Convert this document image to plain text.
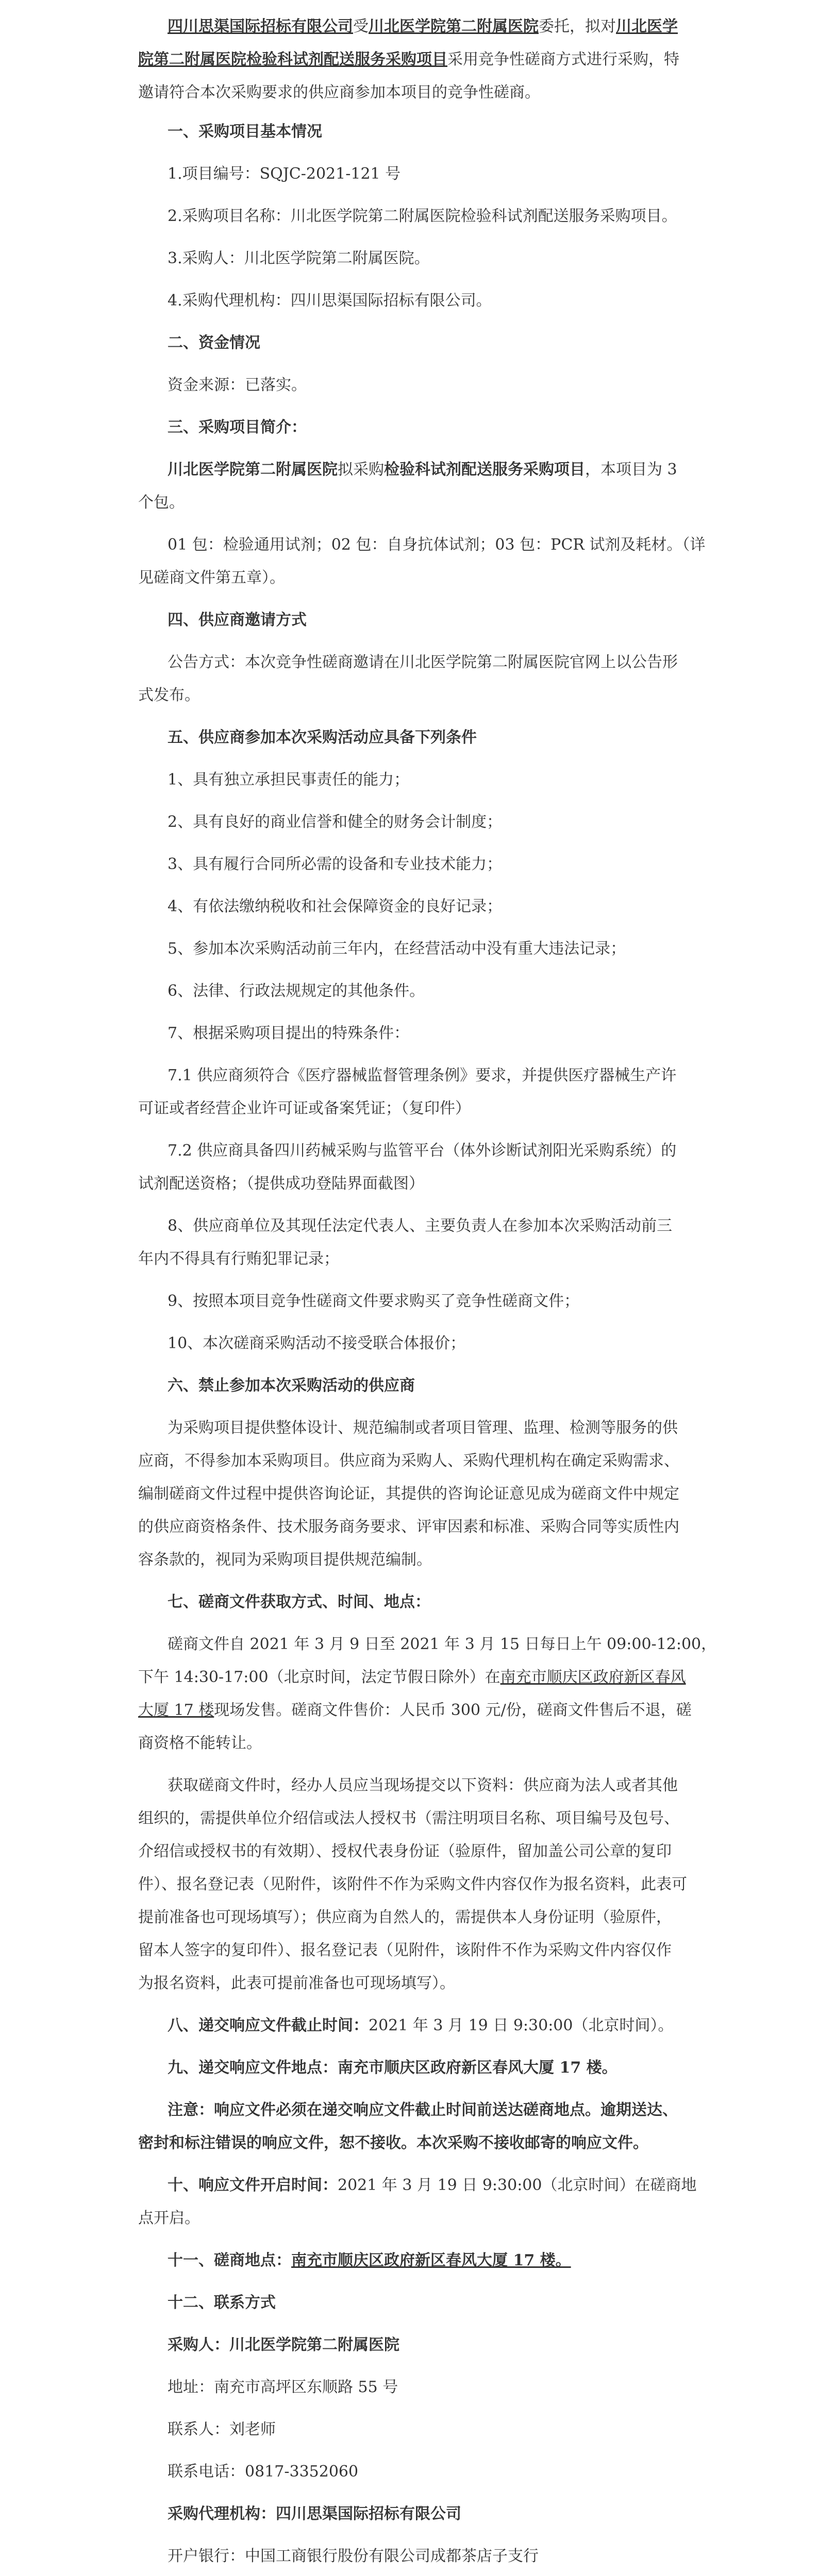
四川思渠国际招标有限公司受川北医学院第二附属医院委托，拟对川北医学
院第二附属医院检验科试剂配送服务采购项目采用竞争性磋商方式进行采购，特
邀请符合本次采购要求的供应商参加本项目的竞争性磋商。
一、采购项目基本情况
1.项目编号：SQJC-2021-121 号
2.采购项目名称：川北医学院第二附属医院检验科试剂配送服务采购项目。
3.采购人：川北医学院第二附属医院。
4.采购代理机构：四川思渠国际招标有限公司。
二、资金情况
资金来源：已落实。
三、采购项目简介：
川北医学院第二附属医院拟采购检验科试剂配送服务采购项目，本项目为 3
个包。
01 包：检验通用试剂；02 包：自身抗体试剂；03 包：PCR 试剂及耗材。（详
见磋商文件第五章）。
四、供应商邀请方式
公告方式：本次竞争性磋商邀请在川北医学院第二附属医院官网上以公告形
式发布。
五、供应商参加本次采购活动应具备下列条件
1、具有独立承担民事责任的能力；
2、具有良好的商业信誉和健全的财务会计制度；
3、具有履行合同所必需的设备和专业技术能力；
4、有依法缴纳税收和社会保障资金的良好记录；
5、参加本次采购活动前三年内，在经营活动中没有重大违法记录；
6、法律、行政法规规定的其他条件。
7、根据采购项目提出的特殊条件：
7.1 供应商须符合《医疗器械监督管理条例》要求，并提供医疗器械生产许
可证或者经营企业许可证或备案凭证；（复印件）
7.2 供应商具备四川药械采购与监管平台（体外诊断试剂阳光采购系统）的
试剂配送资格；（提供成功登陆界面截图）
8、供应商单位及其现任法定代表人、主要负责人在参加本次采购活动前三
年内不得具有行贿犯罪记录；
9、按照本项目竞争性磋商文件要求购买了竞争性磋商文件；
10、本次磋商采购活动不接受联合体报价；
六、禁止参加本次采购活动的供应商
为采购项目提供整体设计、规范编制或者项目管理、监理、检测等服务的供
应商，不得参加本采购项目。供应商为采购人、采购代理机构在确定采购需求、
编制磋商文件过程中提供咨询论证，其提供的咨询论证意见成为磋商文件中规定
的供应商资格条件、技术服务商务要求、评审因素和标准、采购合同等实质性内
容条款的，视同为采购项目提供规范编制。
七、磋商文件获取方式、时间、地点：
磋商文件自 2021 年 3 月 9 日至 2021 年 3 月 15 日每日上午 09:00-12:00，
下午 14:30-17:00（北京时间，法定节假日除外）在南充市顺庆区政府新区春风
大厦 17 楼现场发售。磋商文件售价：人民币 300 元/份，磋商文件售后不退，磋
商资格不能转让。
获取磋商文件时，经办人员应当现场提交以下资料：供应商为法人或者其他
组织的，需提供单位介绍信或法人授权书（需注明项目名称、项目编号及包号、
介绍信或授权书的有效期）、授权代表身份证（验原件，留加盖公司公章的复印
件）、报名登记表（见附件，该附件不作为采购文件内容仅作为报名资料，此表可
提前准备也可现场填写）；供应商为自然人的，需提供本人身份证明（验原件，
留本人签字的复印件）、报名登记表（见附件，该附件不作为采购文件内容仅作
为报名资料，此表可提前准备也可现场填写）。
八、递交响应文件截止时间：2021 年 3 月 19 日 9:30:00（北京时间）。
九、递交响应文件地点：南充市顺庆区政府新区春风大厦 17 楼。
注意：响应文件必须在递交响应文件截止时间前送达磋商地点。逾期送达、
密封和标注错误的响应文件，恕不接收。本次采购不接收邮寄的响应文件。
十、响应文件开启时间：2021 年 3 月 19 日 9:30:00（北京时间）在磋商地
点开启。
十一、磋商地点：南充市顺庆区政府新区春风大厦 17 楼。
十二、联系方式
采购人：川北医学院第二附属医院
地址：南充市高坪区东顺路 55 号
联系人：刘老师
联系电话：0817-3352060
采购代理机构：四川思渠国际招标有限公司
开户银行：中国工商银行股份有限公司成都茶店子支行
